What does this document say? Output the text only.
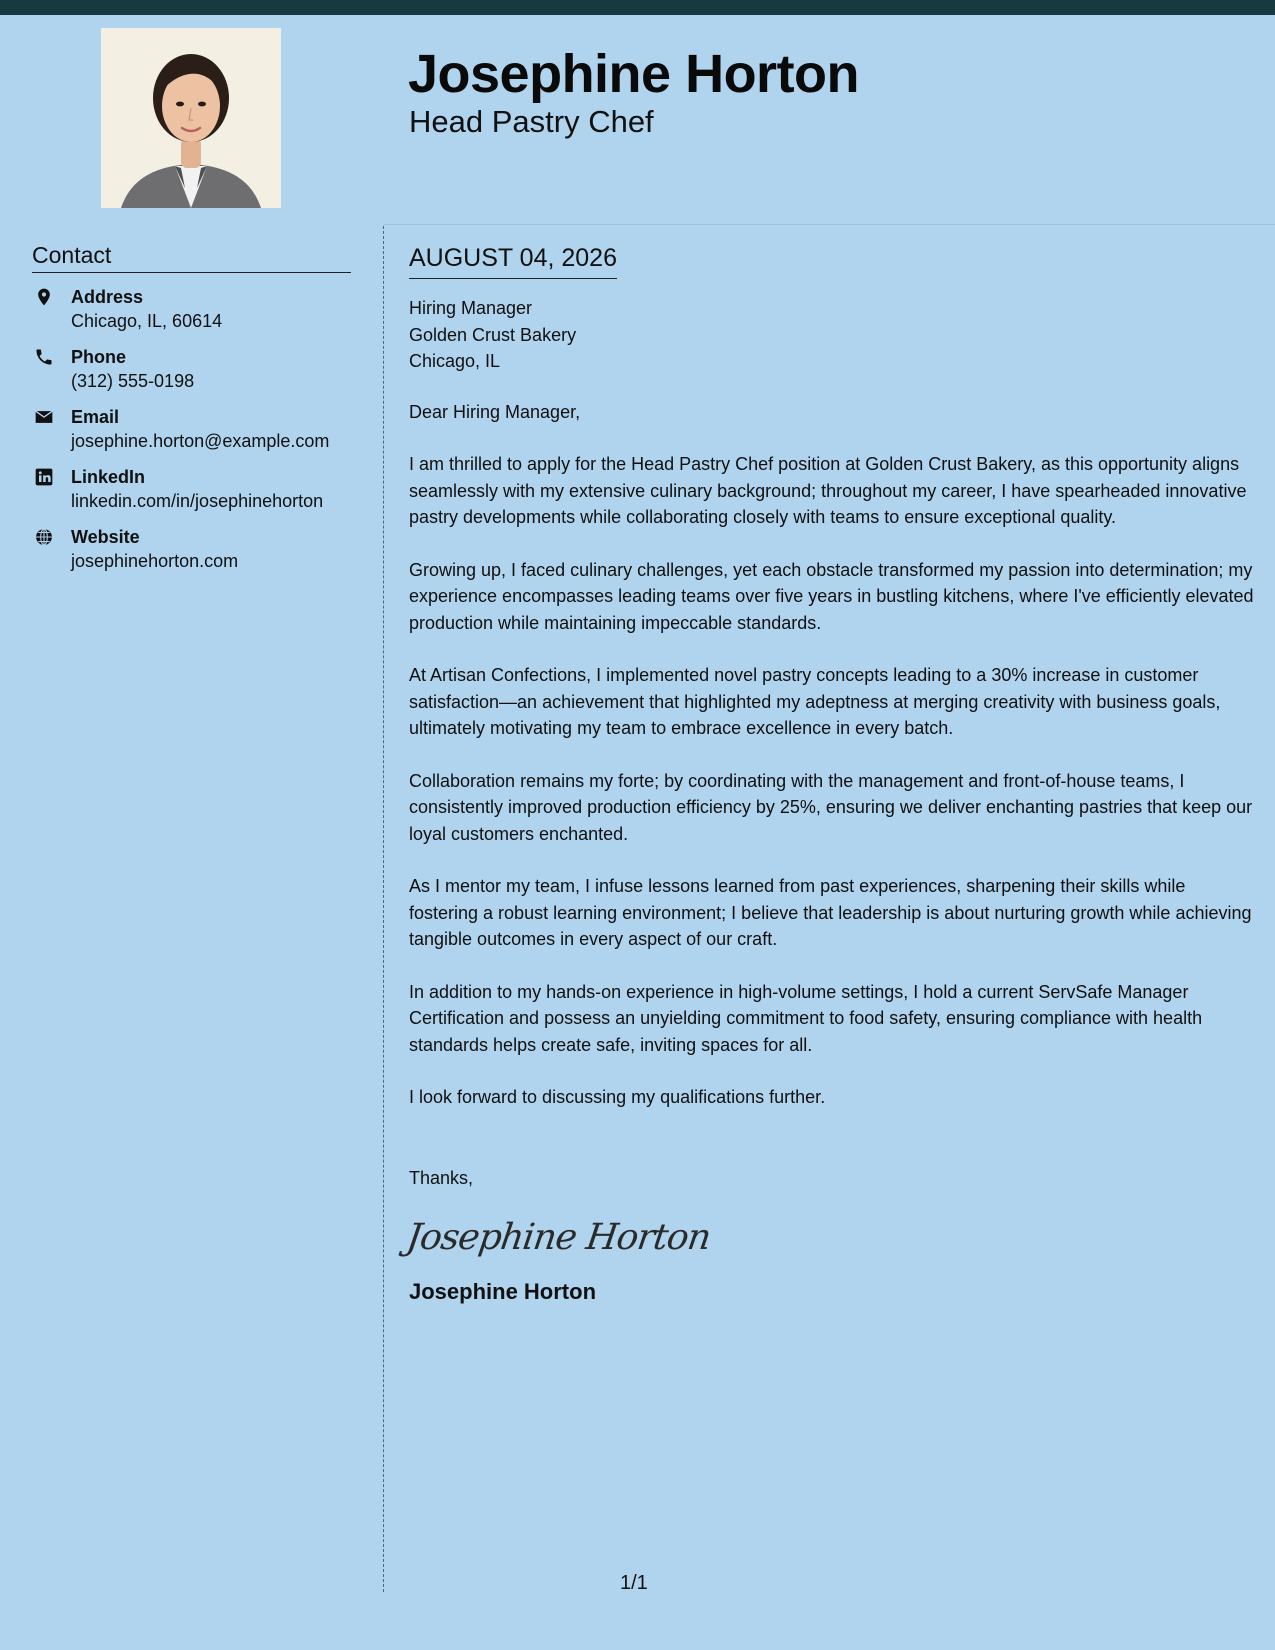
Josephine Horton
Head Pastry Chef
Contact
Address
Chicago, IL, 60614
Phone
(312) 555-0198
Email
josephine.horton@example.com
LinkedIn
linkedin.com/in/josephinehorton
Website
josephinehorton.com
AUGUST 04, 2026
Hiring Manager
Golden Crust Bakery
Chicago, IL

Dear Hiring Manager,

I am thrilled to apply for the Head Pastry Chef position at Golden Crust Bakery, as this opportunity aligns seamlessly with my extensive culinary background; throughout my career, I have spearheaded innovative pastry developments while collaborating closely with teams to ensure exceptional quality.

Growing up, I faced culinary challenges, yet each obstacle transformed my passion into determination; my experience encompasses leading teams over five years in bustling kitchens, where I've efficiently elevated production while maintaining impeccable standards.

At Artisan Confections, I implemented novel pastry concepts leading to a 30% increase in customer satisfaction—an achievement that highlighted my adeptness at merging creativity with business goals, ultimately motivating my team to embrace excellence in every batch.

Collaboration remains my forte; by coordinating with the management and front-of-house teams, I consistently improved production efficiency by 25%, ensuring we deliver enchanting pastries that keep our loyal customers enchanted.

As I mentor my team, I infuse lessons learned from past experiences, sharpening their skills while fostering a robust learning environment; I believe that leadership is about nurturing growth while achieving tangible outcomes in every aspect of our craft.

In addition to my hands-on experience in high-volume settings, I hold a current ServSafe Manager Certification and possess an unyielding commitment to food safety, ensuring compliance with health standards helps create safe, inviting spaces for all.

I look forward to discussing my qualifications further.

Thanks,
Josephine Horton
Josephine Horton
1/1
